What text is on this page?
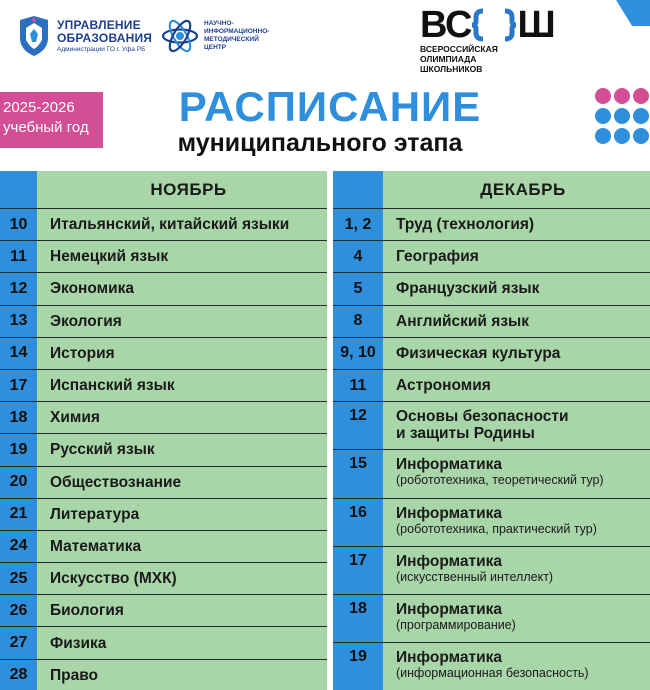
УПРАВЛЕНИЕ
ОБРАЗОВАНИЯ
Администрации ГО г. Уфа РБ
НАУЧНО-
ИНФОРМАЦИОННО-
МЕТОДИЧЕСКИЙ
ЦЕНТР
ВС Ш
ВСЕРОССИЙСКАЯ
ОЛИМПИАДА
ШКОЛЬНИКОВ
2025-2026
учебный год	РАСПИСАНИЕ
муниципального этапа
НОЯБРЬ
10	Итальянский, китайский языки
11	Немецкий язык
12	Экономика
13	Экология
14	История
17	Испанский язык
18	Химия
19	Русский язык
20	Обществознание
21	Литература
24	Математика
25	Искусство (МХК)
26	Биология
27	Физика
28	Право
ДЕКАБРЬ
1, 2	Труд (технология)
4	География
5	Французский язык
8	Английский язык
9, 10	Физическая культура
11	Астрономия
12	Основы безопасности
и защиты Родины
15	Информатика
(робототехника, теоретический тур)
16	Информатика
(робототехника, практический тур)
17	Информатика
(искусственный интеллект)
18	Информатика
(программирование)
19	Информатика
(информационная безопасность)
